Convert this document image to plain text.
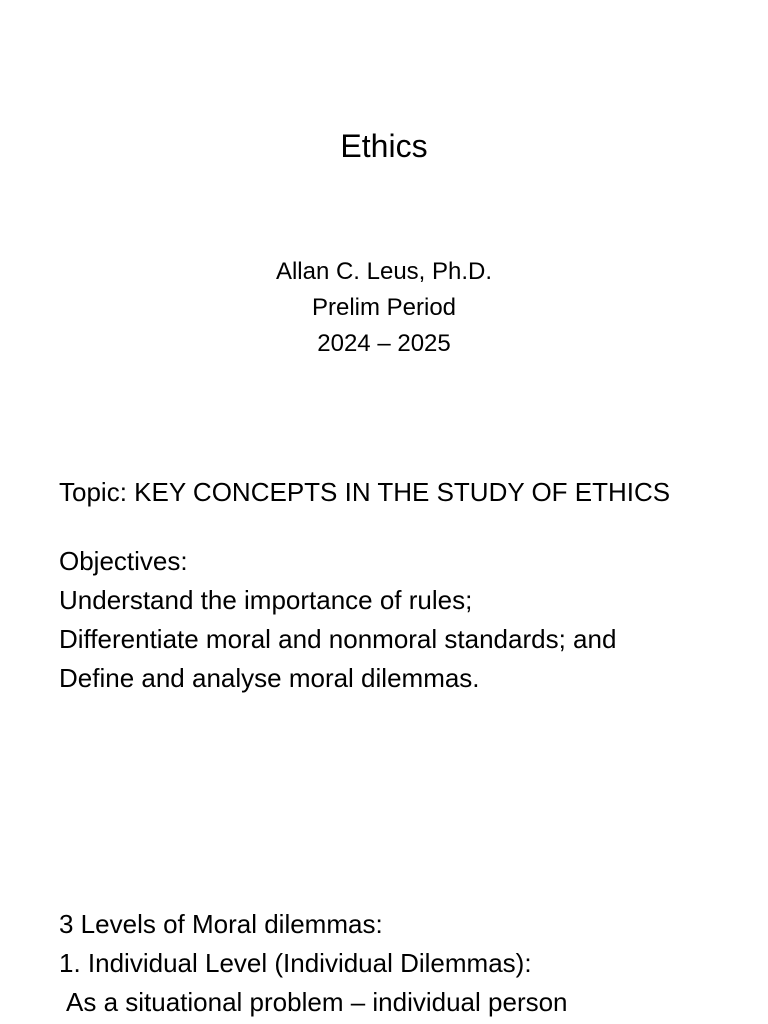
Ethics
Allan C. Leus, Ph.D.
Prelim Period
2024 – 2025
Topic: KEY CONCEPTS IN THE STUDY OF ETHICS
Objectives:
Understand the importance of rules;
Differentiate moral and nonmoral standards; and
Define and analyse moral dilemmas.
3 Levels of Moral dilemmas:
1. Individual Level (Individual Dilemmas):
As a situational problem – individual person
